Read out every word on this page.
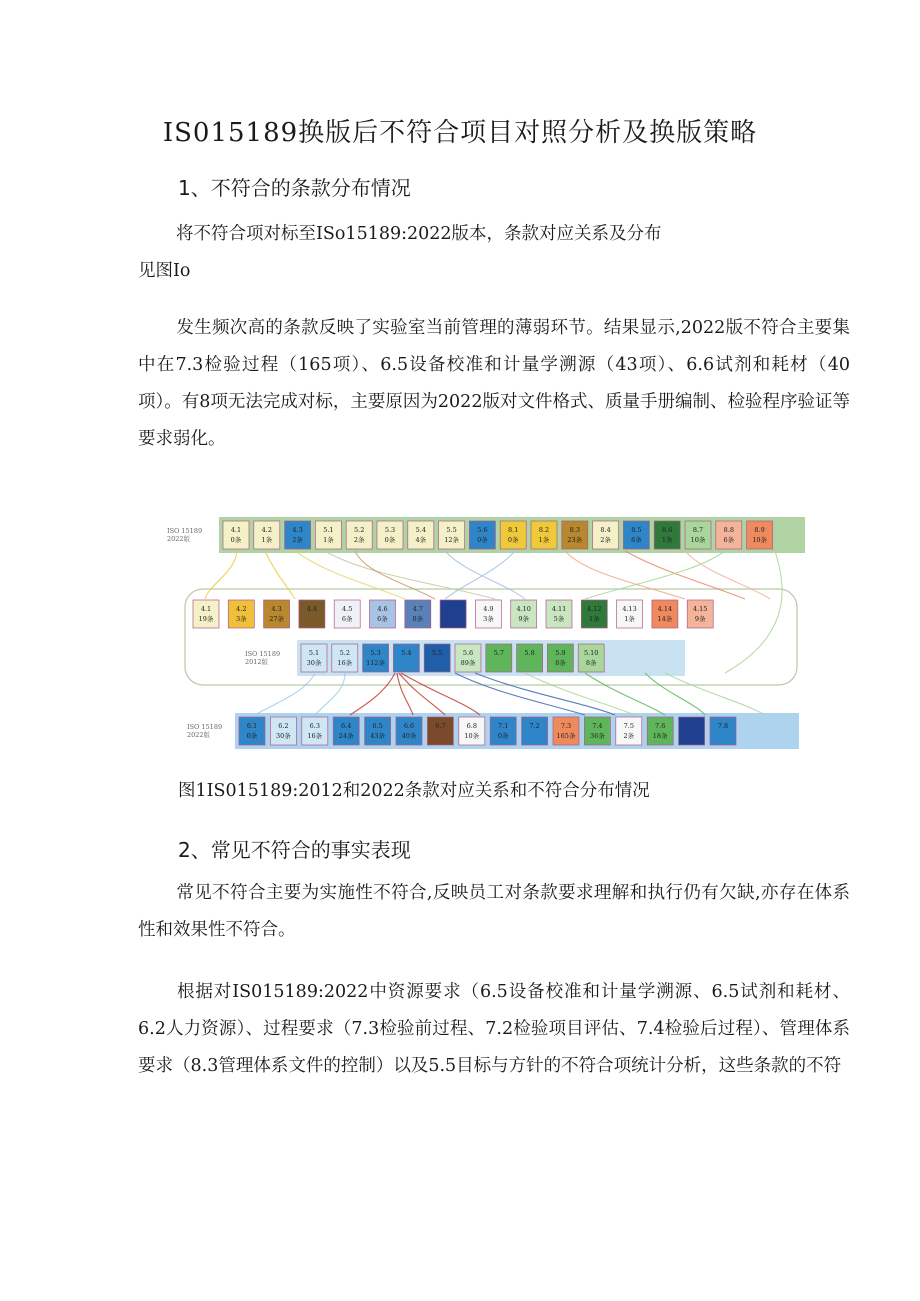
IS015189换版后不符合项目对照分析及换版策略
1、不符合的条款分布情况

将不符合项对标至ISo15189:2022版本，条款对应关系及分布
见图Io

发生频次高的条款反映了实验室当前管理的薄弱环节。结果显示,2022版不符合主要集中在7.3检验过程（165项）、6.5设备校准和计量学溯源（43项）、6.6试剂和耗材（40项）。有8项无法完成对标，主要原因为2022版对文件格式、质量手册编制、检验程序验证等要求弱化。

ISO 15189
2022版
4.1
0条
4.2
1条
4.3
2条
5.1
1条
5.2
2条
5.3
0条
5.4
4条
5.5
12条
5.6
0条
8.1
0条
8.2
1条
8.3
23条
8.4
2条
8.5
6条
8.6
1条
8.7
10条
8.8
6条
8.9
10条
4.1
19条
4.2
3条
4.3
27条
4.4	4.5
6条
4.6
6条
4.7
0条
4.9
3条
4.10
9条
4.11
5条
4.12
1条
4.13
1条
4.14
14条
4.15
9条
ISO 15189
2012版
5.1
30条
5.2
16条
5.3
112条
5.4	5.5	5.6
89条
5.7	5.8	5.9
8条
5.10
8条
ISO 15189
2022版
6.1
0条
6.2
30条
6.3
16条
6.4
24条
6.5
43条
6.6
40条
6.7	6.8
10条
7.1
0条
7.2	7.3
165条
7.4
36条
7.5
2条
7.6
18条
7.8

图1IS015189:2012和2022条款对应关系和不符合分布情况

2、常见不符合的事实表现

常见不符合主要为实施性不符合,反映员工对条款要求理解和执行仍有欠缺,亦存在体系性和效果性不符合。

根据对IS015189:2022中资源要求（6.5设备校准和计量学溯源、6.5试剂和耗材、6.2人力资源）、过程要求（7.3检验前过程、7.2检验项目评估、7.4检验后过程）、管理体系要求（8.3管理体系文件的控制）以及5.5目标与方针的不符合项统计分析，这些条款的不符
